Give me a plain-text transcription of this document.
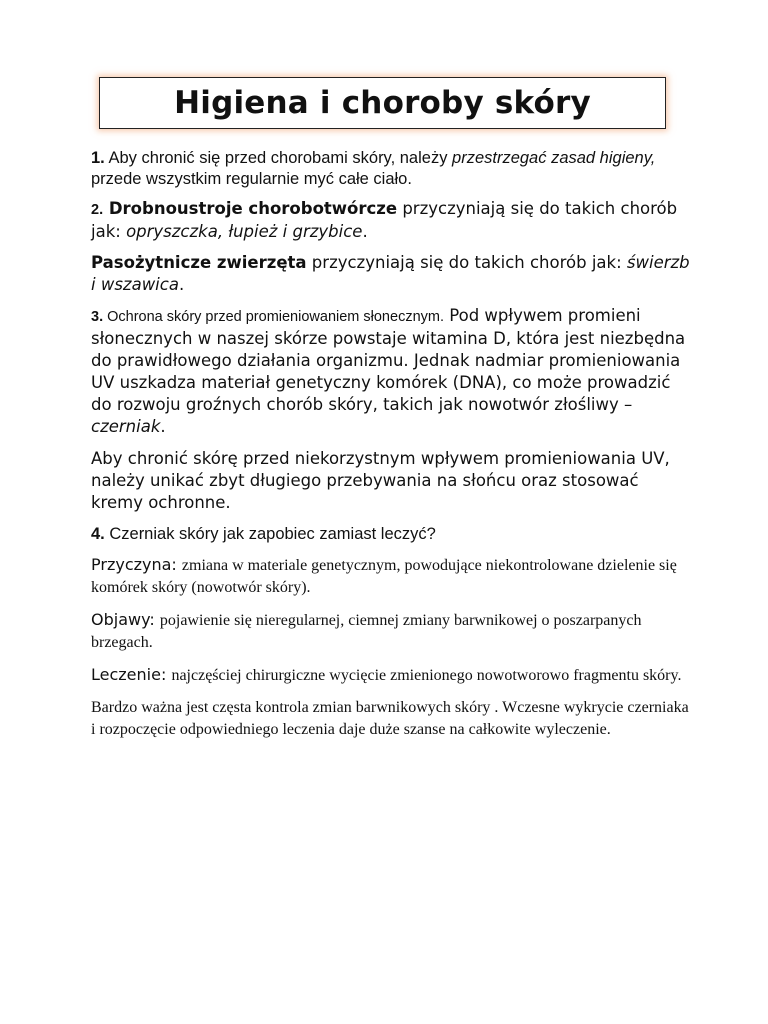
Higiena i choroby skóry

1. Aby chronić się przed chorobami skóry, należy przestrzegać zasad higieny, przede wszystkim regularnie myć całe ciało.

2. Drobnoustroje chorobotwórcze przyczyniają się do takich chorób jak: opryszczka, łupież i grzybice.

Pasożytnicze zwierzęta przyczyniają się do takich chorób jak: świerzb i wszawica.

3. Ochrona skóry przed promieniowaniem słonecznym. Pod wpływem promieni słonecznych w naszej skórze powstaje witamina D, która jest niezbędna do prawidłowego działania organizmu. Jednak nadmiar promieniowania UV uszkadza materiał genetyczny komórek (DNA), co może prowadzić do rozwoju groźnych chorób skóry, takich jak nowotwór złośliwy – czerniak.

Aby chronić skórę przed niekorzystnym wpływem promieniowania UV, należy unikać zbyt długiego przebywania na słońcu oraz stosować kremy ochronne.

4. Czerniak skóry jak zapobiec zamiast leczyć?

Przyczyna: zmiana w materiale genetycznym, powodujące niekontrolowane dzielenie się komórek skóry (nowotwór skóry).

Objawy: pojawienie się nieregularnej, ciemnej zmiany barwnikowej o poszarpanych brzegach.

Leczenie: najczęściej chirurgiczne wycięcie zmienionego nowotworowo fragmentu skóry.

Bardzo ważna jest częsta kontrola zmian barwnikowych skóry . Wczesne wykrycie czerniaka i rozpoczęcie odpowiedniego leczenia daje duże szanse na całkowite wyleczenie.
